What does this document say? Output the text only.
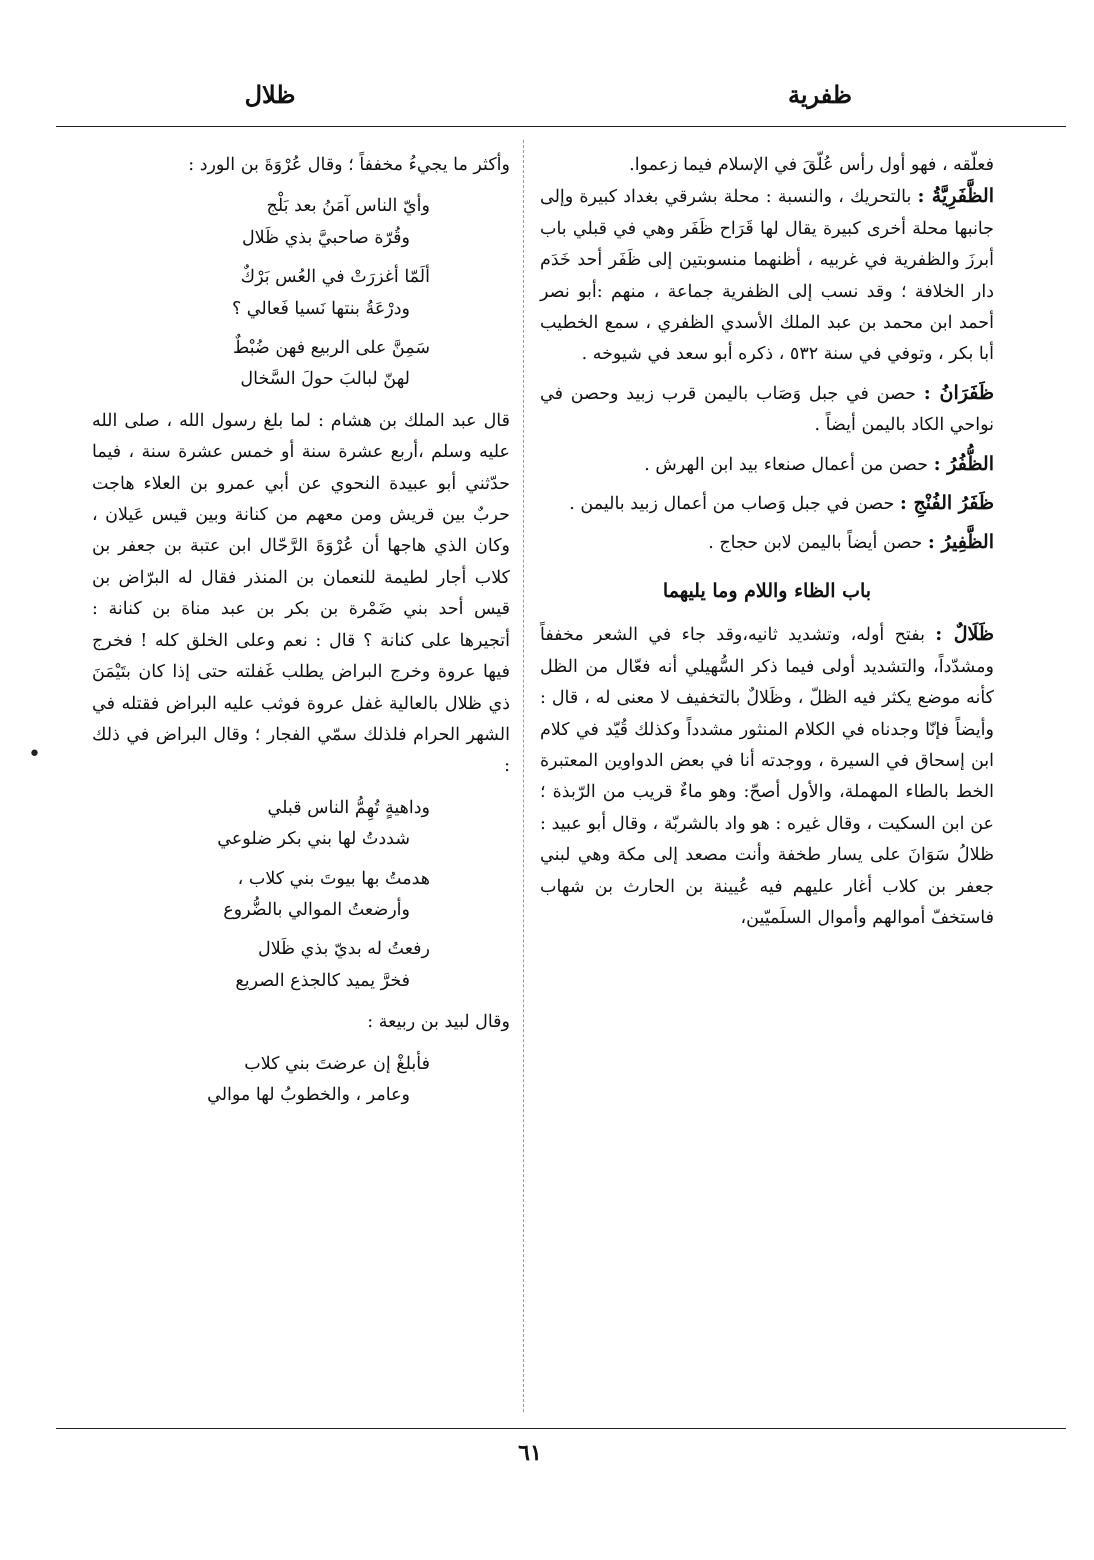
ظفرية
ظلال
•

فعلّقه ، فهو أول رأس عُلّقَ في الإسلام فيما زعموا.

الظَّفَرِيَّةُ : بالتحريك ، والنسبة : محلة بشرقي بغداد كبيرة وإلى جانبها محلة أخرى كبيرة يقال لها قَرَاح ظَفَر وهي في قبلي باب أبرزَ والظفرية في غربيه ، أظنهما منسوبتين إلى ظَفَر أحد خَدَم دار الخلافة ؛ وقد نسب إلى الظفرية جماعة ، منهم :أبو نصر أحمد ابن محمد بن عبد الملك الأسدي الظفري ، سمع الخطيب أبا بكر ، وتوفي في سنة ٥٣٢ ، ذكره أبو سعد في شيوخه .
ظَفَرَانُ : حصن في جبل وَصَاب باليمن قرب زبيد وحصن في نواحي الكاد باليمن أيضاً .
الظُّفُرُ : حصن من أعمال صنعاء بيد ابن الهرش .
ظَفَرُ الفُنْجِ : حصن في جبل وَصاب من أعمال زبيد باليمن .
الظَّفِيرُ : حصن أيضاً باليمن لابن حجاج .
باب الظاء واللام وما يليهما
ظَلَالٌ : بفتح أوله، وتشديد ثانيه،وقد جاء في الشعر مخففاً ومشدّداً، والتشديد أولى فيما ذكر السُّهيلي أنه فعّال من الظل كأنه موضع يكثر فيه الظلّ ، وظَلالٌ بالتخفيف لا معنى له ، قال : وأيضاً فإنّا وجدناه في الكلام المنثور مشدداً وكذلك قُيّد في كلام ابن إسحاق في السيرة ، ووجدته أنا في بعض الدواوين المعتبرة الخط بالطاء المهملة، والأول أصحّ: وهو ماءٌ قريب من الرّبذة ؛ عن ابن السكيت ، وقال غيره : هو واد بالشربّة ، وقال أبو عبيد : ظلالُ سَوَانَ على يسار طخفة وأنت مصعد إلى مكة وهي لبني جعفر بن كلاب أغار عليهم فيه عُيينة بن الحارث بن شهاب فاستخفّ أموالهم وأموال السلَميّين،

وأكثر ما يجيءُ مخففاً ؛ وقال عُرْوَةَ بن الورد :

وأيّ الناس آمَنُ بعد بَلْج
وقُرّة صاحبيَّ بذي ظَلال
ألَمّا أغزرَتْ في العُس بَرْكٌ
ودرْعَةُ بنتها نَسيا فَعالي ؟
سَمِنَّ على الربيع فهن ضُبْطٌ
لهنّ لبالبَ حولَ السَّخال

قال عبد الملك بن هشام : لما بلغ رسول الله ، صلى الله عليه وسلم ،أربع عشرة سنة أو خمس عشرة سنة ، فيما حدّثني أبو عبيدة النحوي عن أبي عمرو بن العلاء هاجت حربٌ بين قريش ومن معهم من كنانة وبين قيس عَيلان ، وكان الذي هاجها أن عُرْوَةَ الرَّحّال ابن عتبة بن جعفر بن كلاب أجار لطيمة للنعمان بن المنذر فقال له البرّاض بن قيس أحد بني ضَمْرة بن بكر بن عبد مناة بن كنانة : أتجيرها على كنانة ؟ قال : نعم وعلى الخلق كله ! فخرج فيها عروة وخرج البراض يطلب غَفلته حتى إذا كان بتَيْمَنَ ذي ظلال بالعالية غفل عروة فوثب عليه البراض فقتله في الشهر الحرام فلذلك سمّي الفجار ؛ وقال البراض في ذلك :

وداهيةٍ تُهِمُّ الناس قبلي
شددتُ لها بني بكر ضلوعي
هدمتُ بها بيوتَ بني كلاب ،
وأرضعتُ الموالي بالضُّروع
رفعتُ له بديّ بذي ظَلال
فخرَّ يميد كالجذع الصريع

وقال لبيد بن ربيعة :

فأبلغْ إن عرضتَ بني كلاب
وعامر ، والخطوبُ لها موالي
٦١
